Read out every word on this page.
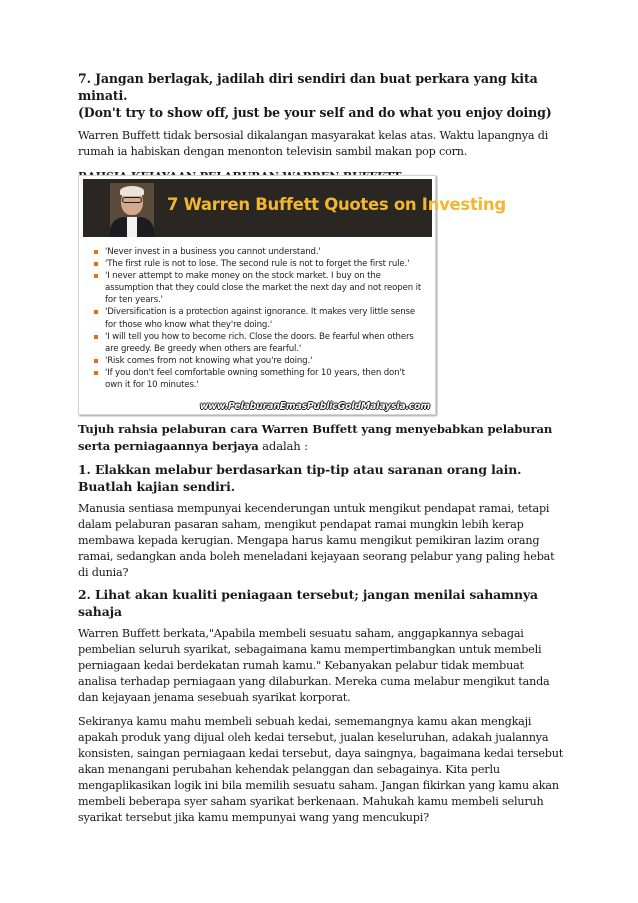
7. Jangan berlagak, jadilah diri sendiri dan buat perkara yang kita minati.
(Don't try to show off, just be your self and do what you enjoy doing)

Warren Buffett tidak bersosial dikalangan masyarakat kelas atas. Waktu lapangnya di rumah ia habiskan dengan menonton televisin sambil makan pop corn.

7 Warren Buffett Quotes on Investing
'Never invest in a business you cannot understand.'
'The first rule is not to lose. The second rule is not to forget the first rule.'
'I never attempt to make money on the stock market. I buy on the assumption that they could close the market the next day and not reopen it for ten years.'
'Diversification is a protection against ignorance. It makes very little sense for those who know what they're doing.'
'I will tell you how to become rich. Close the doors. Be fearful when others are greedy. Be greedy when others are fearful.'
'Risk comes from not knowing what you're doing.'
'If you don't feel comfortable owning something for 10 years, then don't own it for 10 minutes.'
www.PelaburanEmasPublicGoldMalaysia.com

Tujuh rahsia pelaburan cara Warren Buffett yang menyebabkan pelaburan serta perniagaannya berjaya adalah :

1. Elakkan melabur berdasarkan tip-tip atau saranan orang lain. Buatlah kajian sendiri.

Manusia sentiasa mempunyai kecenderungan untuk mengikut pendapat ramai, tetapi dalam pelaburan pasaran saham, mengikut pendapat ramai mungkin lebih kerap membawa kepada kerugian. Mengapa harus kamu mengikut pemikiran lazim orang ramai, sedangkan anda boleh meneladani kejayaan seorang pelabur yang paling hebat di dunia?

2. Lihat akan kualiti peniagaan tersebut; jangan menilai sahamnya sahaja

Warren Buffett berkata,"Apabila membeli sesuatu saham, anggapkannya sebagai pembelian seluruh syarikat, sebagaimana kamu mempertimbangkan untuk membeli perniagaan kedai berdekatan rumah kamu." Kebanyakan pelabur tidak membuat analisa terhadap perniagaan yang dilaburkan. Mereka cuma melabur mengikut tanda dan kejayaan jenama sesebuah syarikat korporat.

Sekiranya kamu mahu membeli sebuah kedai, sememangnya kamu akan mengkaji apakah produk yang dijual oleh kedai tersebut, jualan keseluruhan, adakah jualannya konsisten, saingan perniagaan kedai tersebut, daya saingnya, bagaimana kedai tersebut akan menangani perubahan kehendak pelanggan dan sebagainya. Kita perlu mengaplikasikan logik ini bila memilih sesuatu saham. Jangan fikirkan yang kamu akan membeli beberapa syer saham syarikat berkenaan. Mahukah kamu membeli seluruh syarikat tersebut jika kamu mempunyai wang yang mencukupi?
